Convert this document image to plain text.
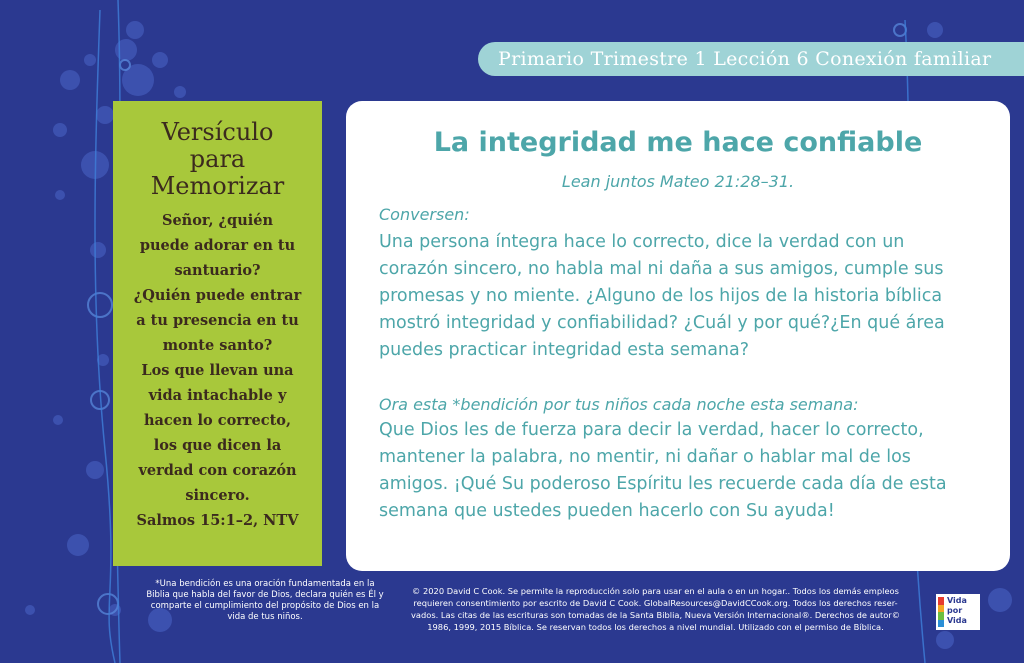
Primario Trimestre 1 Lección 6 Conexión familiar
Versículo
para
Memorizar
Señor, ¿quién
puede adorar en tu
santuario?
¿Quién puede entrar
a tu presencia en tu
monte santo?
Los que llevan una
vida intachable y
hacen lo correcto,
los que dicen la
verdad con corazón
sincero.
Salmos 15:1–2, NTV
La integridad me hace confiable
Lean juntos Mateo 21:28–31.
Conversen:
Una persona íntegra hace lo correcto, dice la verdad con un
corazón sincero, no habla mal ni daña a sus amigos, cumple sus
promesas y no miente. ¿Alguno de los hijos de la historia bíblica
mostró integridad y confiabilidad? ¿Cuál y por qué?¿En qué área
puedes practicar integridad esta semana?
Ora esta *bendición por tus niños cada noche esta semana:
Que Dios les de fuerza para decir la verdad, hacer lo correcto,
mantener la palabra, no mentir, ni dañar o hablar mal de los
amigos. ¡Qué Su poderoso Espíritu les recuerde cada día de esta
semana que ustedes pueden hacerlo con Su ayuda!
*Una bendición es una oración fundamentada en la
Biblia que habla del favor de Dios, declara quién es Él y
comparte el cumplimiento del propósito de Dios en la
vida de tus niños.
© 2020 David C Cook. Se permite la reproducción solo para usar en el aula o en un hogar.. Todos los demás empleos
requieren consentimiento por escrito de David C Cook. GlobalResources@DavidCCook.org. Todos los derechos reser-
vados. Las citas de las escrituras son tomadas de la Santa Biblia, Nueva Versión Internacional®. Derechos de autor©
1986, 1999, 2015 Bíblica. Se reservan todos los derechos a nivel mundial. Utilizado con el permiso de Bíblica.
Vida
por
Vida
